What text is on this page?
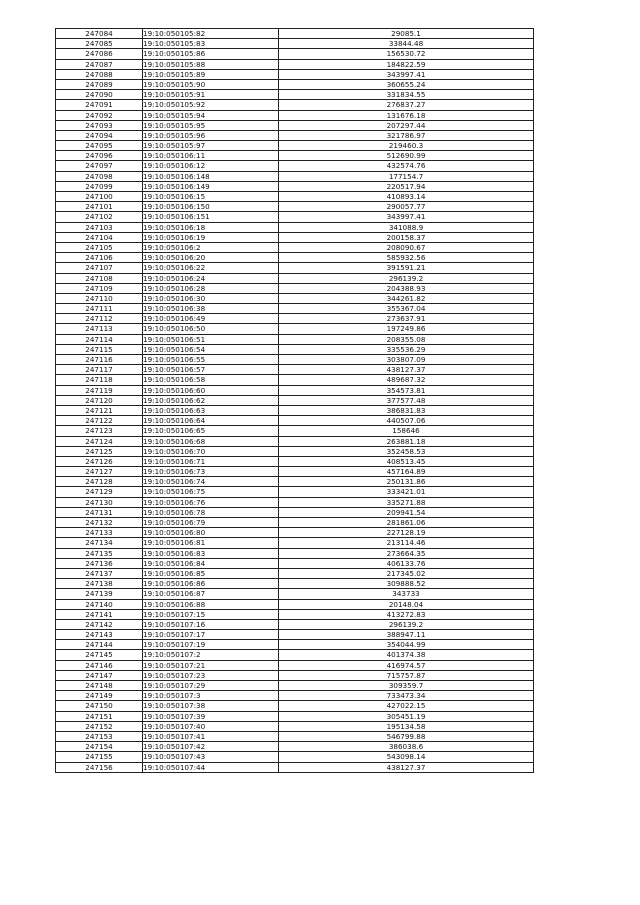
247084	19:10:050105:82	29085.1
247085	19:10:050105:83	33844.48
247086	19:10:050105:86	156530.72
247087	19:10:050105:88	184822.59
247088	19:10:050105:89	343997.41
247089	19:10:050105:90	360655.24
247090	19:10:050105:91	331834.55
247091	19:10:050105:92	276837.27
247092	19:10:050105:94	131676.18
247093	19:10:050105:95	207297.44
247094	19:10:050105:96	321786.97
247095	19:10:050105:97	219460.3
247096	19:10:050106:11	512690.99
247097	19:10:050106:12	432574.76
247098	19:10:050106:148	177154.7
247099	19:10:050106:149	220517.94
247100	19:10:050106:15	410893.14
247101	19:10:050106:150	290057.77
247102	19:10:050106:151	343997.41
247103	19:10:050106:18	341088.9
247104	19:10:050106:19	200158.37
247105	19:10:050106:2	208090.67
247106	19:10:050106:20	585932.56
247107	19:10:050106:22	391591.21
247108	19:10:050106:24	296139.2
247109	19:10:050106:28	204388.93
247110	19:10:050106:30	344261.82
247111	19:10:050106:38	355367.04
247112	19:10:050106:49	273637.91
247113	19:10:050106:50	197249.86
247114	19:10:050106:51	208355.08
247115	19:10:050106:54	335536.29
247116	19:10:050106:55	303807.09
247117	19:10:050106:57	438127.37
247118	19:10:050106:58	489687.32
247119	19:10:050106:60	354573.81
247120	19:10:050106:62	377577.48
247121	19:10:050106:63	386831.83
247122	19:10:050106:64	440507.06
247123	19:10:050106:65	158646
247124	19:10:050106:68	263881.18
247125	19:10:050106:70	352458.53
247126	19:10:050106:71	408513.45
247127	19:10:050106:73	457164.89
247128	19:10:050106:74	250131.86
247129	19:10:050106:75	333421.01
247130	19:10:050106:76	335271.88
247131	19:10:050106:78	209941.54
247132	19:10:050106:79	281861.06
247133	19:10:050106:80	227128.19
247134	19:10:050106:81	213114.46
247135	19:10:050106:83	273664.35
247136	19:10:050106:84	406133.76
247137	19:10:050106:85	217345.02
247138	19:10:050106:86	309888.52
247139	19:10:050106:87	343733
247140	19:10:050106:88	20148.04
247141	19:10:050107:15	413272.83
247142	19:10:050107:16	296139.2
247143	19:10:050107:17	388947.11
247144	19:10:050107:19	354044.99
247145	19:10:050107:2	401374.38
247146	19:10:050107:21	416974.57
247147	19:10:050107:23	715757.87
247148	19:10:050107:29	309359.7
247149	19:10:050107:3	733473.34
247150	19:10:050107:38	427022.15
247151	19:10:050107:39	305451.19
247152	19:10:050107:40	195134.58
247153	19:10:050107:41	546799.88
247154	19:10:050107:42	386038.6
247155	19:10:050107:43	543098.14
247156	19:10:050107:44	438127.37
